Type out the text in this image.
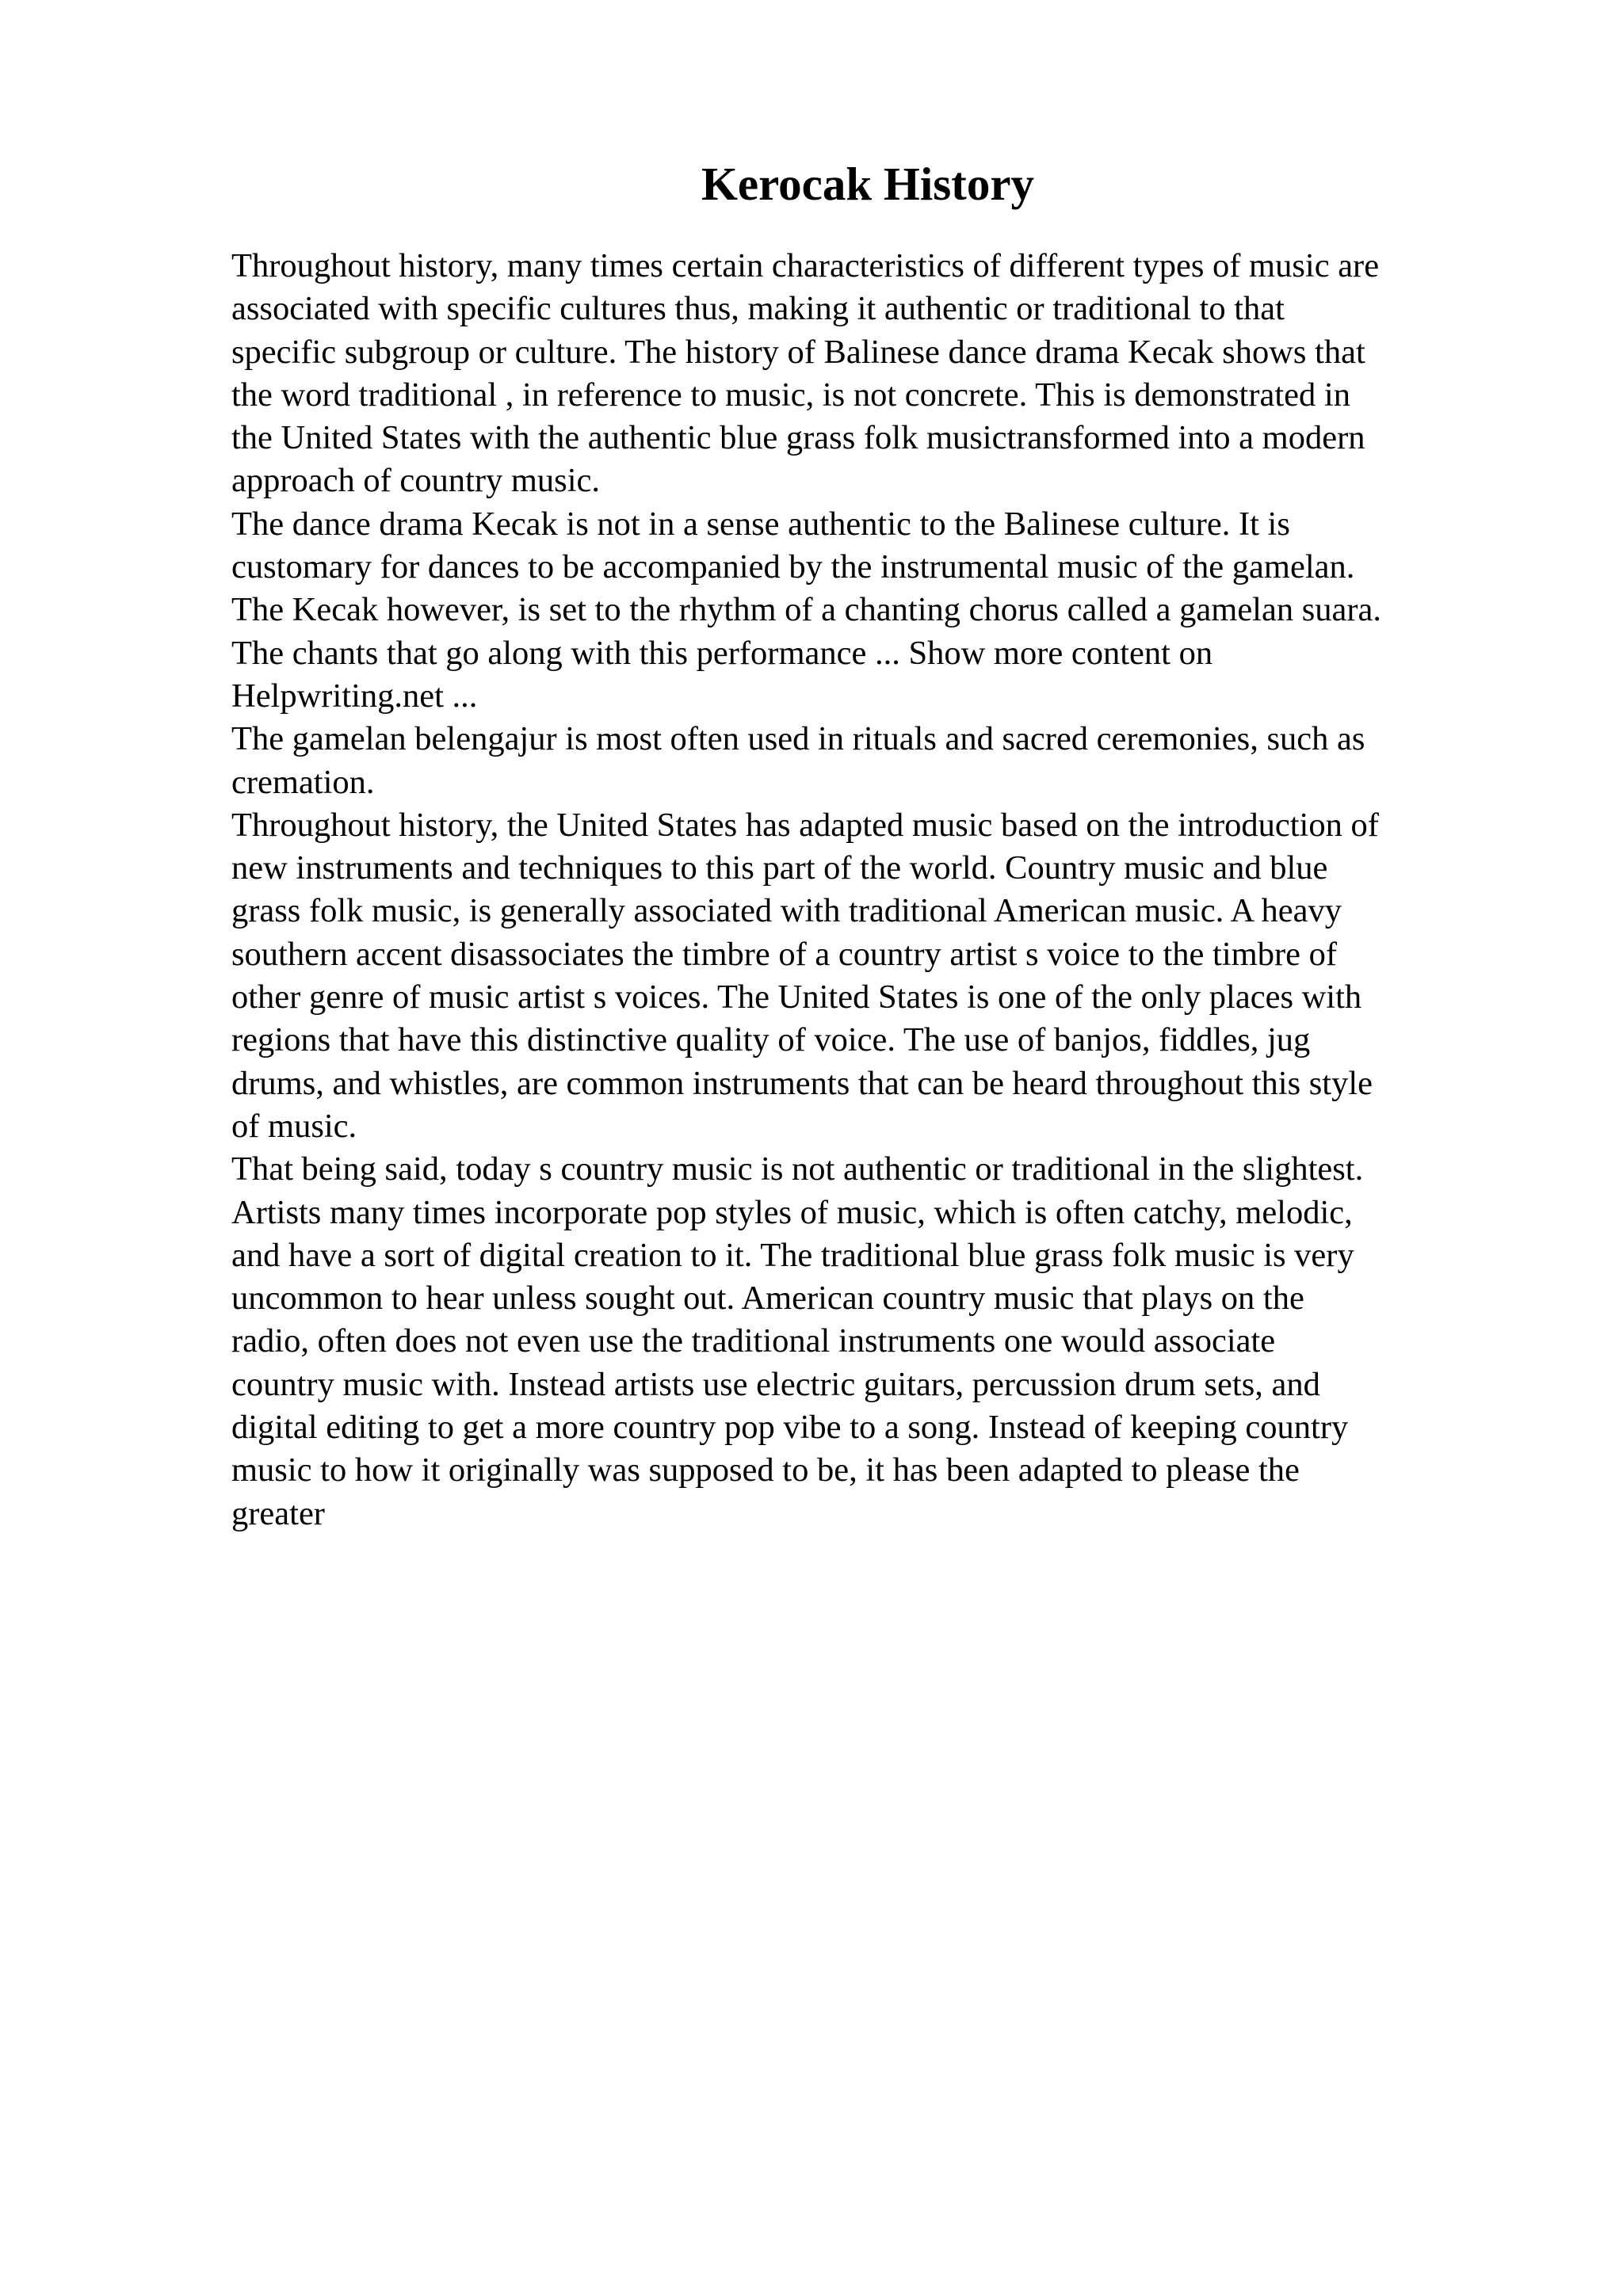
Kerocak History
Throughout history, many times certain characteristics of different types of music are
associated with specific cultures thus, making it authentic or traditional to that
specific subgroup or culture. The history of Balinese dance drama Kecak shows that
the word traditional , in reference to music, is not concrete. This is demonstrated in
the United States with the authentic blue grass folk musictransformed into a modern
approach of country music.
The dance drama Kecak is not in a sense authentic to the Balinese culture. It is
customary for dances to be accompanied by the instrumental music of the gamelan.
The Kecak however, is set to the rhythm of a chanting chorus called a gamelan suara.
The chants that go along with this performance ... Show more content on
Helpwriting.net ...
The gamelan belengajur is most often used in rituals and sacred ceremonies, such as
cremation.
Throughout history, the United States has adapted music based on the introduction of
new instruments and techniques to this part of the world. Country music and blue
grass folk music, is generally associated with traditional American music. A heavy
southern accent disassociates the timbre of a country artist s voice to the timbre of
other genre of music artist s voices. The United States is one of the only places with
regions that have this distinctive quality of voice. The use of banjos, fiddles, jug
drums, and whistles, are common instruments that can be heard throughout this style
of music.
That being said, today s country music is not authentic or traditional in the slightest.
Artists many times incorporate pop styles of music, which is often catchy, melodic,
and have a sort of digital creation to it. The traditional blue grass folk music is very
uncommon to hear unless sought out. American country music that plays on the
radio, often does not even use the traditional instruments one would associate
country music with. Instead artists use electric guitars, percussion drum sets, and
digital editing to get a more country pop vibe to a song. Instead of keeping country
music to how it originally was supposed to be, it has been adapted to please the
greater
